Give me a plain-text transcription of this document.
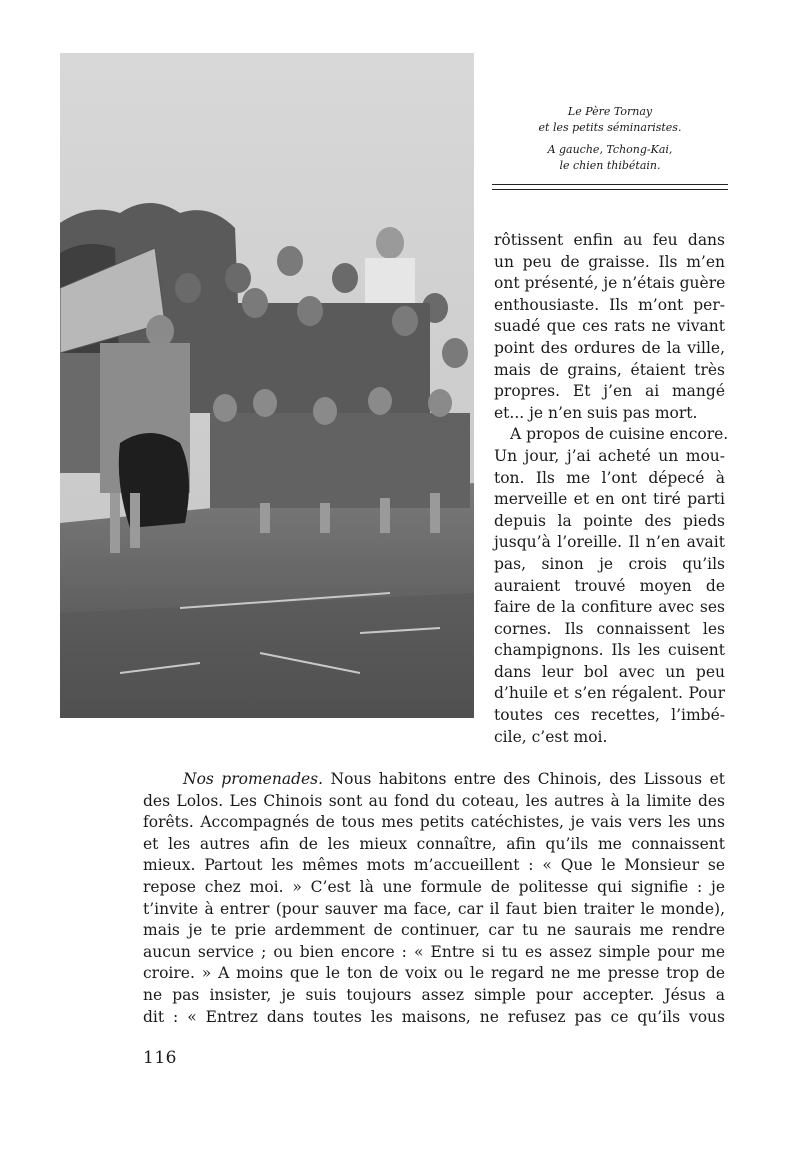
Le Père Tornay
et les petits séminaristes.
A gauche, Tchong-Kai,
le chien thibétain.
rôtissent enfin au feu dans
un peu de graisse. Ils m’en
ont présenté, je n’étais guère
enthousiaste. Ils m’ont per-
suadé que ces rats ne vivant
point des ordures de la ville,
mais de grains, étaient très
propres. Et j’en ai mangé
et... je n’en suis pas mort.
A propos de cuisine encore.
Un jour, j’ai acheté un mou-
ton. Ils me l’ont dépecé à
merveille et en ont tiré parti
depuis la pointe des pieds
jusqu’à l’oreille. Il n’en avait
pas, sinon je crois qu’ils
auraient trouvé moyen de
faire de la confiture avec ses
cornes. Ils connaissent les
champignons. Ils les cuisent
dans leur bol avec un peu
d’huile et s’en régalent. Pour
toutes ces recettes, l’imbé-
cile, c’est moi.
Nos promenades. Nous habitons entre des Chinois, des Lissous et
des Lolos. Les Chinois sont au fond du coteau, les autres à la limite des
forêts. Accompagnés de tous mes petits catéchistes, je vais vers les uns
et les autres afin de les mieux connaître, afin qu’ils me connaissent
mieux. Partout les mêmes mots m’accueillent : « Que le Monsieur se
repose chez moi. » C’est là une formule de politesse qui signifie : je
t’invite à entrer (pour sauver ma face, car il faut bien traiter le monde),
mais je te prie ardemment de continuer, car tu ne saurais me rendre
aucun service ; ou bien encore : « Entre si tu es assez simple pour me
croire. » A moins que le ton de voix ou le regard ne me presse trop de
ne pas insister, je suis toujours assez simple pour accepter. Jésus a
dit : « Entrez dans toutes les maisons, ne refusez pas ce qu’ils vous
116
